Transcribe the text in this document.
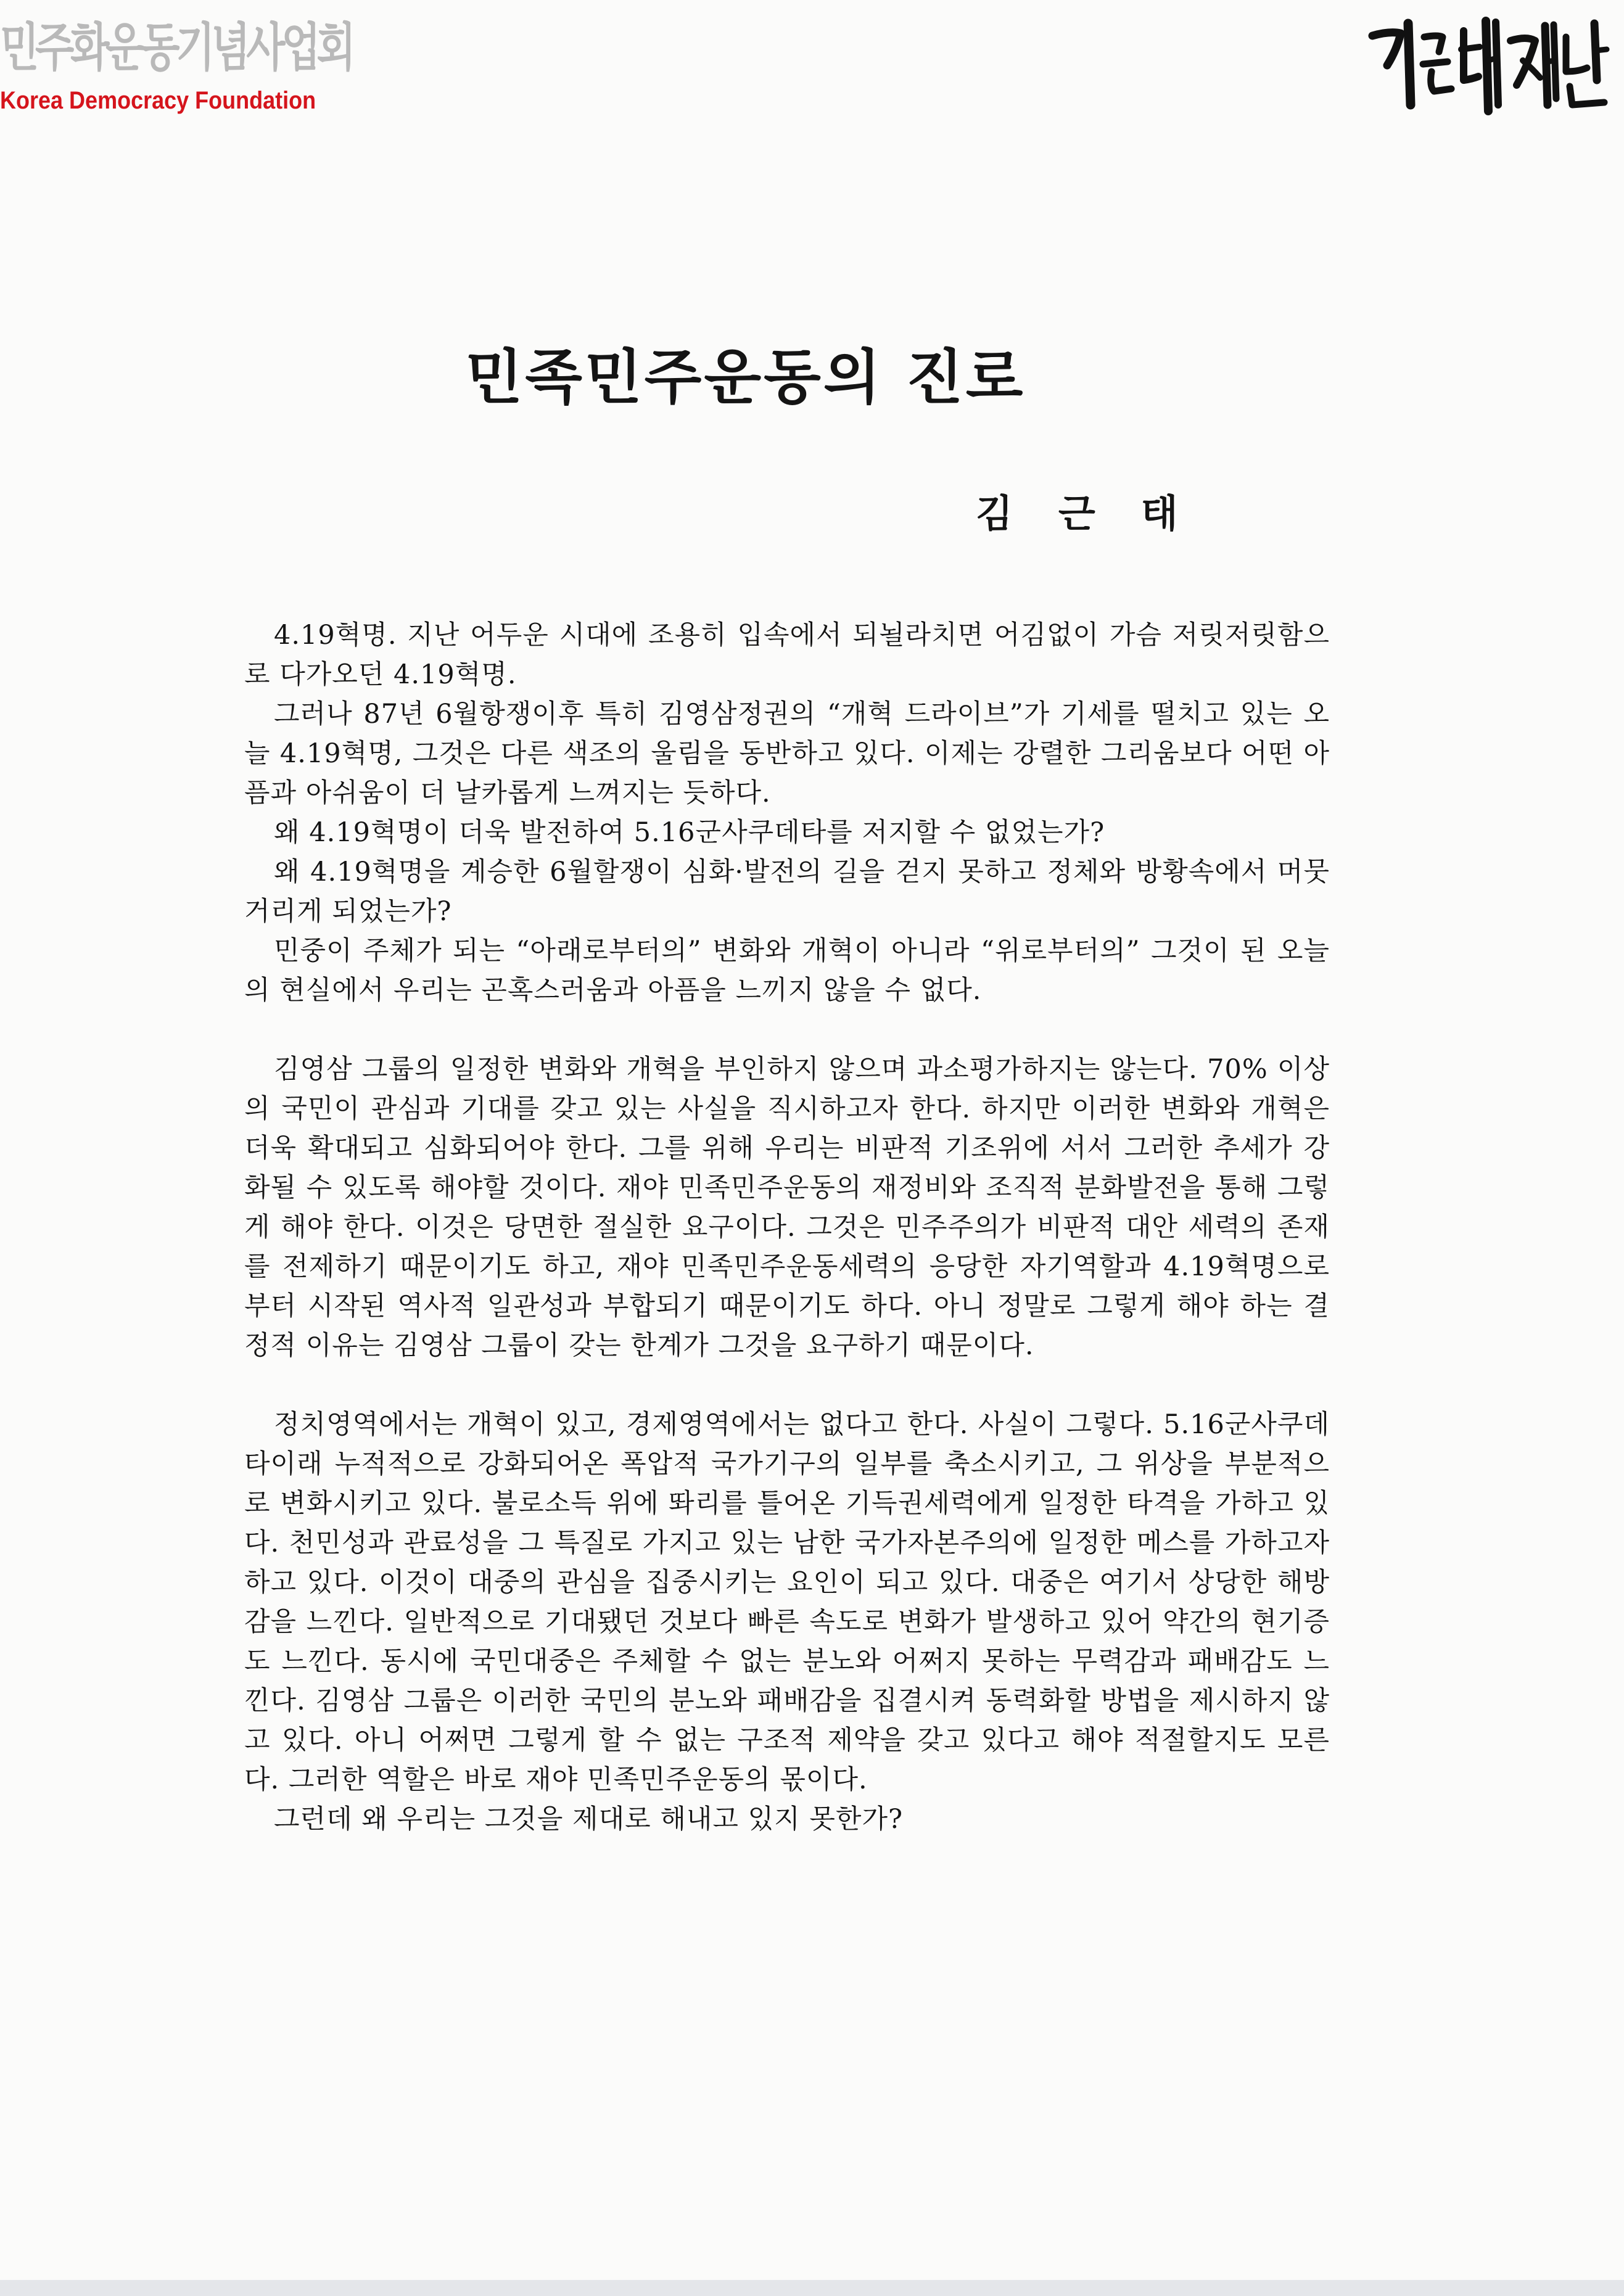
민주화운동기념사업회
Korea Democracy Foundation
민족민주운동의 진로
김근태

4.19혁명. 지난 어두운 시대에 조용히 입속에서 되뇔라치면 어김없이 가슴 저릿저릿함으로 다가오던 4.19혁명.

그러나 87년 6월항쟁이후 특히 김영삼정권의 “개혁 드라이브”가 기세를 떨치고 있는 오늘 4.19혁명, 그것은 다른 색조의 울림을 동반하고 있다. 이제는 강렬한 그리움보다 어떤 아픔과 아쉬움이 더 날카롭게 느껴지는 듯하다.

왜 4.19혁명이 더욱 발전하여 5.16군사쿠데타를 저지할 수 없었는가?

왜 4.19혁명을 계승한 6월할쟁이 심화·발전의 길을 걷지 못하고 정체와 방황속에서 머뭇거리게 되었는가?

민중이 주체가 되는 “아래로부터의” 변화와 개혁이 아니라 “위로부터의” 그것이 된 오늘의 현실에서 우리는 곤혹스러움과 아픔을 느끼지 않을 수 없다.

김영삼 그룹의 일정한 변화와 개혁을 부인하지 않으며 과소평가하지는 않는다. 70% 이상의 국민이 관심과 기대를 갖고 있는 사실을 직시하고자 한다. 하지만 이러한 변화와 개혁은 더욱 확대되고 심화되어야 한다. 그를 위해 우리는 비판적 기조위에 서서 그러한 추세가 강화될 수 있도록 해야할 것이다. 재야 민족민주운동의 재정비와 조직적 분화발전을 통해 그렇게 해야 한다. 이것은 당면한 절실한 요구이다. 그것은 민주주의가 비판적 대안 세력의 존재를 전제하기 때문이기도 하고, 재야 민족민주운동세력의 응당한 자기역할과 4.19혁명으로부터 시작된 역사적 일관성과 부합되기 때문이기도 하다. 아니 정말로 그렇게 해야 하는 결정적 이유는 김영삼 그룹이 갖는 한계가 그것을 요구하기 때문이다.

정치영역에서는 개혁이 있고, 경제영역에서는 없다고 한다. 사실이 그렇다. 5.16군사쿠데타이래 누적적으로 강화되어온 폭압적 국가기구의 일부를 축소시키고, 그 위상을 부분적으로 변화시키고 있다. 불로소득 위에 똬리를 틀어온 기득권세력에게 일정한 타격을 가하고 있다. 천민성과 관료성을 그 특질로 가지고 있는 남한 국가자본주의에 일정한 메스를 가하고자 하고 있다. 이것이 대중의 관심을 집중시키는 요인이 되고 있다. 대중은 여기서 상당한 해방감을 느낀다. 일반적으로 기대됐던 것보다 빠른 속도로 변화가 발생하고 있어 약간의 현기증도 느낀다. 동시에 국민대중은 주체할 수 없는 분노와 어쩌지 못하는 무력감과 패배감도 느낀다. 김영삼 그룹은 이러한 국민의 분노와 패배감을 집결시켜 동력화할 방법을 제시하지 않고 있다. 아니 어쩌면 그렇게 할 수 없는 구조적 제약을 갖고 있다고 해야 적절할지도 모른다. 그러한 역할은 바로 재야 민족민주운동의 몫이다.

그런데 왜 우리는 그것을 제대로 해내고 있지 못한가?
